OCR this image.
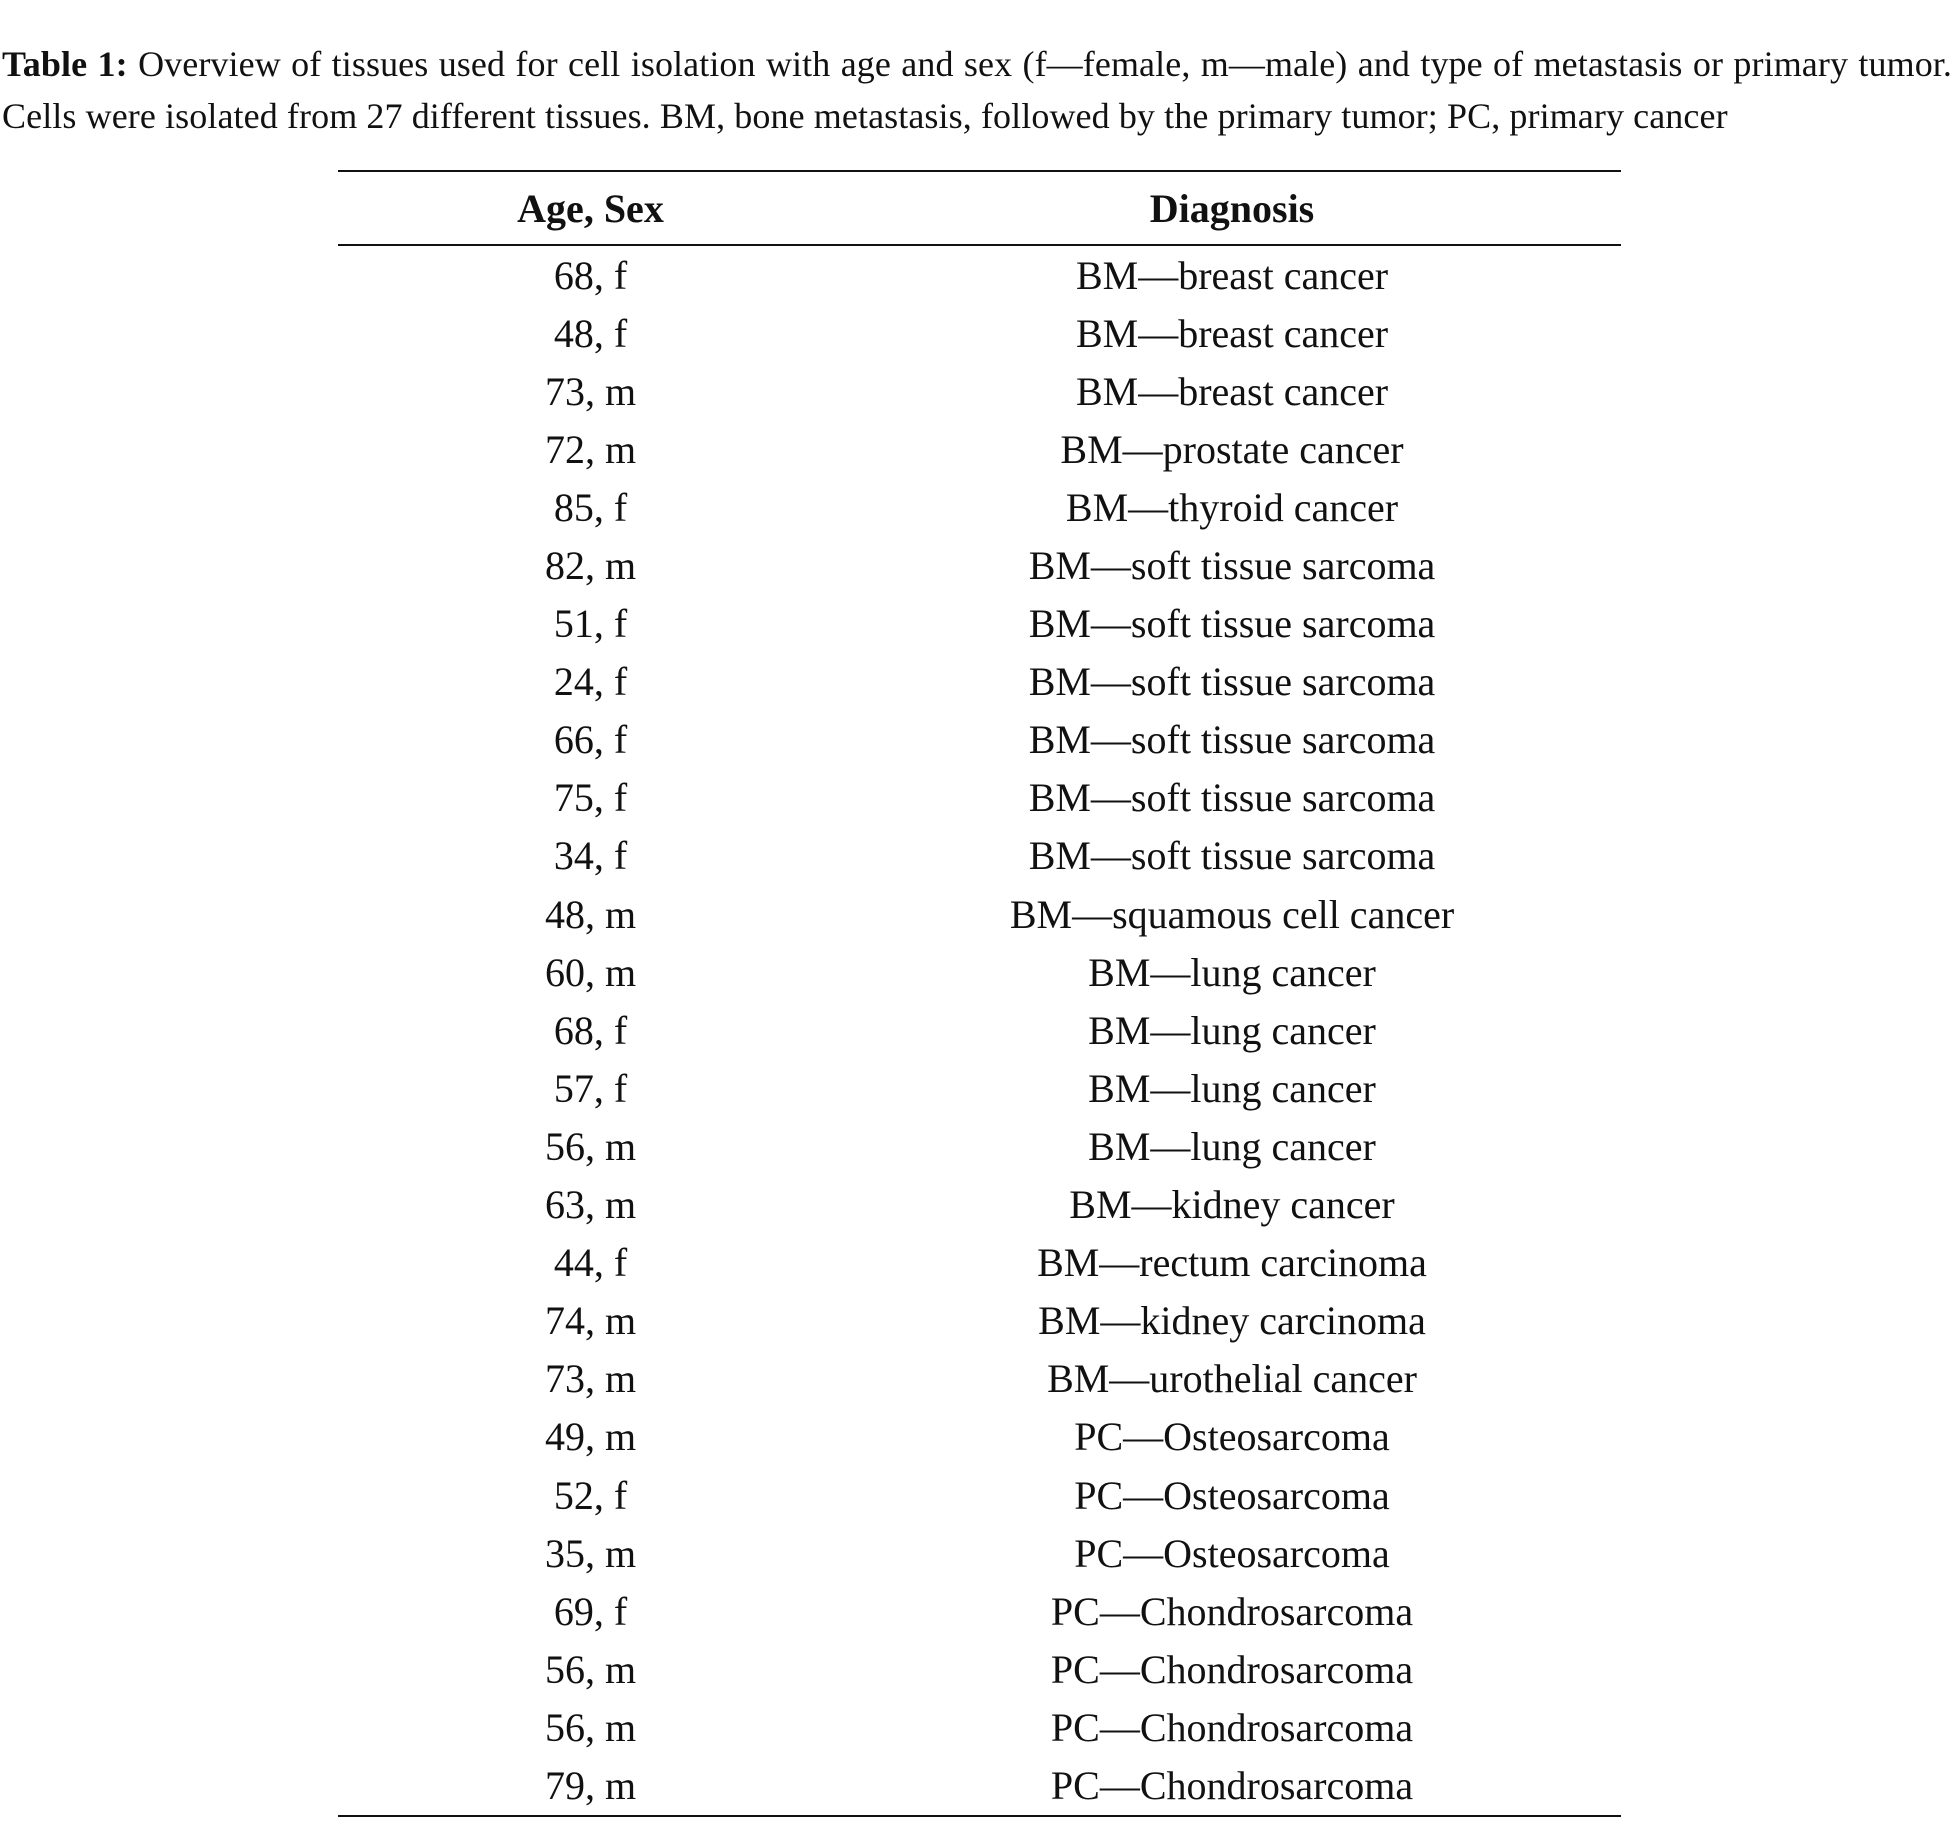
Table 1: Overview of tissues used for cell isolation with age and sex (f—female, m—male) and type of metastasis or primary tumor. Cells were isolated from 27 different tissues. BM, bone metastasis, followed by the primary tumor; PC, primary cancer

Age, Sex	Diagnosis
68, f	BM—breast cancer
48, f	BM—breast cancer
73, m	BM—breast cancer
72, m	BM—prostate cancer
85, f	BM—thyroid cancer
82, m	BM—soft tissue sarcoma
51, f	BM—soft tissue sarcoma
24, f	BM—soft tissue sarcoma
66, f	BM—soft tissue sarcoma
75, f	BM—soft tissue sarcoma
34, f	BM—soft tissue sarcoma
48, m	BM—squamous cell cancer
60, m	BM—lung cancer
68, f	BM—lung cancer
57, f	BM—lung cancer
56, m	BM—lung cancer
63, m	BM—kidney cancer
44, f	BM—rectum carcinoma
74, m	BM—kidney carcinoma
73, m	BM—urothelial cancer
49, m	PC—Osteosarcoma
52, f	PC—Osteosarcoma
35, m	PC—Osteosarcoma
69, f	PC—Chondrosarcoma
56, m	PC—Chondrosarcoma
56, m	PC—Chondrosarcoma
79, m	PC—Chondrosarcoma
